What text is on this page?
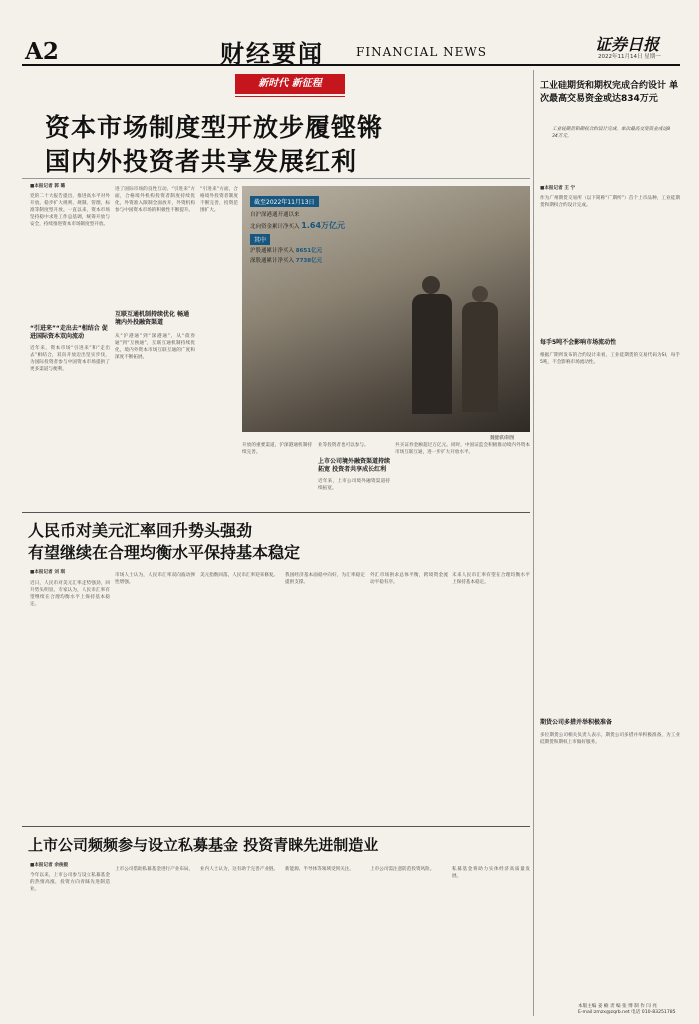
A2	财经要闻	FINANCIAL NEWS	证券日报
2022年11月14日 星期一
新时代 新征程
资本市场制度型开放步履铿锵
国内外投资者共享发展红利
■本报记者 郭 璐
党的二十大报告提出，推进高水平对外开放。稳步扩大规则、规制、管理、标准等制度型开放。一直以来，资本市场坚持稳中求进工作总基调，统筹开放与安全，持续推进资本市场制度型开放。
“引进来”“走出去”相结合 促进国际资本双向流动
近年来，资本市场“引进来”和“走出去”相结合，双向开放迈出坚实步伐，为国际投资者参与中国资本市场提供了更多渠道与便利。
进了国际市场的良性互动。“引进来”方面，合格境外机构投资者制度持续优化，外资准入限制全面放开，外资机构参与中国资本市场的积极性不断提升。
互联互通机制持续优化 畅通境内外投融资渠道
从“沪港通”到“深港通”，从“债券通”到“互换通”，互联互通机制持续优化，境内外资本市场互联互通的广度和深度不断拓展。
“引进来”方面，合格境外投资者制度不断完善，投资范围扩大。
截至2022年11月13日
自沪深港通开通以来
北向资金累计净买入 1.64万亿元
其中
沪股通累计净买入 8651亿元
深股通累计净买入 7738亿元
魏健骐/制图
开放的重要渠道，沪深港通机制持续完善。
业等投资者也可以参与。
上市公司境外融资渠道持续拓宽 投资者共享成长红利
近年来，上市公司境外融资渠道持续拓宽。
共买证券金额超过万亿元。同时，中国证监会积极推动境内外资本市场互联互通，进一步扩大开放水平。
人民币对美元汇率回升势头强劲
有望继续在合理均衡水平保持基本稳定
■本报记者 刘 琪
近日，人民币对美元汇率走势强劲，回升势头明显。专家认为，人民币汇率有望继续在合理均衡水平上保持基本稳定。
市场人士认为，人民币汇率双向波动弹性增强。
美元指数回落，人民币汇率迎来修复。	我国经济基本面稳中向好，为汇率稳定提供支撑。
外汇市场供求总体平衡，跨境资金流动平稳有序。
未来人民币汇率有望在合理均衡水平上保持基本稳定。
上市公司频频参与设立私募基金 投资青睐先进制造业
■本报记者 余俊毅
今年以来，上市公司参与设立私募基金的热情高涨，投资方向青睐先进制造业。
上市公司借助私募基金进行产业布局。	业内人士认为，这有助于完善产业链。	新能源、半导体等领域受到关注。	上市公司需注意防范投资风险。	私募基金将助力实体经济高质量发展。
工业硅期货和期权完成合约设计 单次最高交易资金或达834万元
工业硅期货和期权合约设计完成，单次最高交易资金或达834万元。
■本报记者 王 宁
作为广州期货交易所（以下简称“广期所”）首个上市品种，工业硅期货和期权合约设计完成。
每手5吨不会影响市场流动性
根据广期所发布的合约设计来看，工业硅期货的交易代码为SI，每手5吨，不会影响市场流动性。
期货公司多措并举积极准备
多位期货公司相关负责人表示，期货公司多措并举积极准备，为工业硅期货和期权上市做好服务。
本版主编 姜 楠 责 编 张 博 制 作 闫 亮
E-mail:zmzx@zqrb.net 电话 010-83251785
